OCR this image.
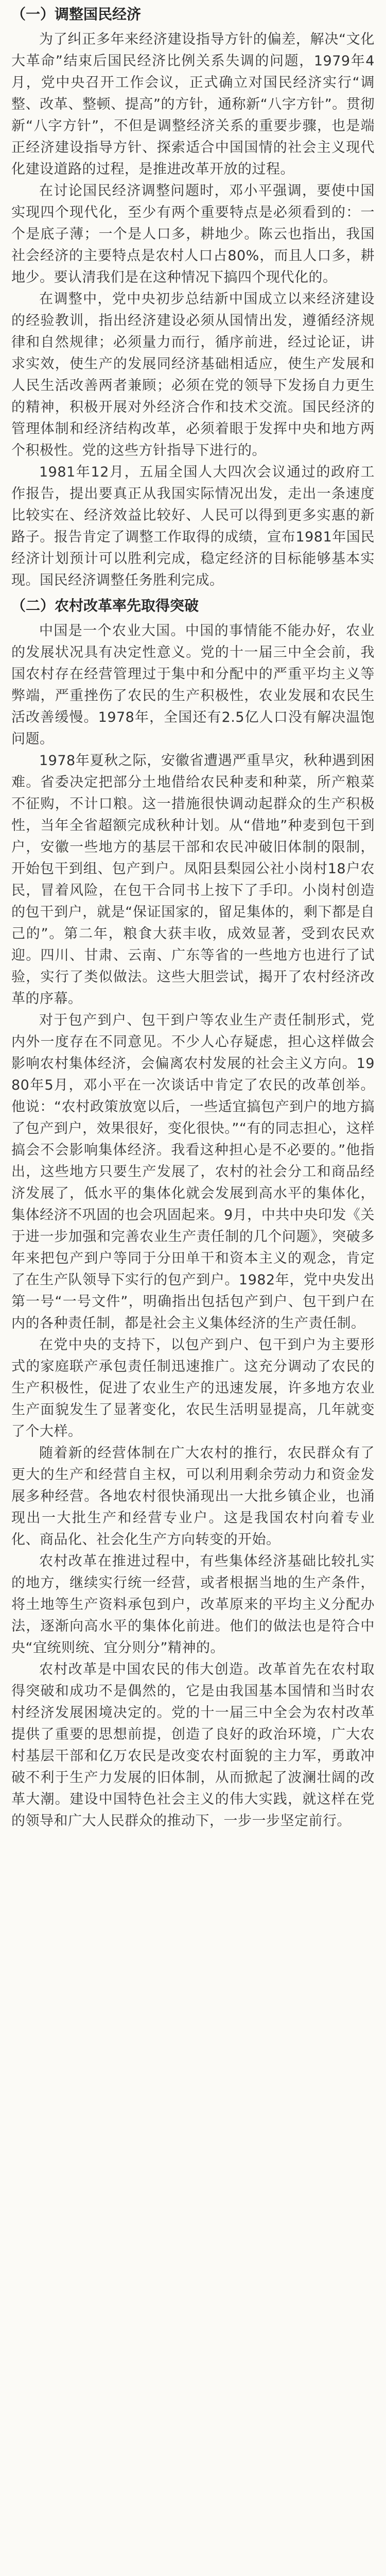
（一）调整国民经济

为了纠正多年来经济建设指导方针的偏差，解决“文化大革命”结束后国民经济比例关系失调的问题，1979年4月，党中央召开工作会议，正式确立对国民经济实行“调整、改革、整顿、提高”的方针，通称新“八字方针”。贯彻新“八字方针”，不但是调整经济关系的重要步骤，也是端正经济建设指导方针、探索适合中国国情的社会主义现代化建设道路的过程，是推进改革开放的过程。

在讨论国民经济调整问题时，邓小平强调，要使中国实现四个现代化，至少有两个重要特点是必须看到的：一个是底子薄；一个是人口多，耕地少。陈云也指出，我国社会经济的主要特点是农村人口占80%，而且人口多，耕地少。要认清我们是在这种情况下搞四个现代化的。

在调整中，党中央初步总结新中国成立以来经济建设的经验教训，指出经济建设必须从国情出发，遵循经济规律和自然规律；必须量力而行，循序前进，经过论证，讲求实效，使生产的发展同经济基础相适应，使生产发展和人民生活改善两者兼顾；必须在党的领导下发扬自力更生的精神，积极开展对外经济合作和技术交流。国民经济的管理体制和经济结构改革，必须着眼于发挥中央和地方两个积极性。党的这些方针指导下进行的。

1981年12月，五届全国人大四次会议通过的政府工作报告，提出要真正从我国实际情况出发，走出一条速度比较实在、经济效益比较好、人民可以得到更多实惠的新路子。报告肯定了调整工作取得的成绩，宣布1981年国民经济计划预计可以胜利完成，稳定经济的目标能够基本实现。国民经济调整任务胜利完成。

（二）农村改革率先取得突破

中国是一个农业大国。中国的事情能不能办好，农业的发展状况具有决定性意义。党的十一届三中全会前，我国农村存在经营管理过于集中和分配中的严重平均主义等弊端，严重挫伤了农民的生产积极性，农业发展和农民生活改善缓慢。1978年，全国还有2.5亿人口没有解决温饱问题。

1978年夏秋之际，安徽省遭遇严重旱灾，秋种遇到困难。省委决定把部分土地借给农民种麦和种菜，所产粮菜不征购，不计口粮。这一措施很快调动起群众的生产积极性，当年全省超额完成秋种计划。从“借地”种麦到包干到户，安徽一些地方的基层干部和农民冲破旧体制的限制，开始包干到组、包产到户。凤阳县梨园公社小岗村18户农民，冒着风险，在包干合同书上按下了手印。小岗村创造的包干到户，就是“保证国家的，留足集体的，剩下都是自己的”。第二年，粮食大获丰收，成效显著，受到农民欢迎。四川、甘肃、云南、广东等省的一些地方也进行了试验，实行了类似做法。这些大胆尝试，揭开了农村经济改革的序幕。

对于包产到户、包干到户等农业生产责任制形式，党内外一度存在不同意见。不少人心存疑虑，担心这样做会影响农村集体经济，会偏离农村发展的社会主义方向。1980年5月，邓小平在一次谈话中肯定了农民的改革创举。他说：“农村政策放宽以后，一些适宜搞包产到户的地方搞了包产到户，效果很好，变化很快。”“有的同志担心，这样搞会不会影响集体经济。我看这种担心是不必要的。”他指出，这些地方只要生产发展了，农村的社会分工和商品经济发展了，低水平的集体化就会发展到高水平的集体化，集体经济不巩固的也会巩固起来。9月，中共中央印发《关于进一步加强和完善农业生产责任制的几个问题》，突破多年来把包产到户等同于分田单干和资本主义的观念，肯定了在生产队领导下实行的包产到户。1982年，党中央发出第一号“一号文件”，明确指出包括包产到户、包干到户在内的各种责任制，都是社会主义集体经济的生产责任制。

在党中央的支持下，以包产到户、包干到户为主要形式的家庭联产承包责任制迅速推广。这充分调动了农民的生产积极性，促进了农业生产的迅速发展，许多地方农业生产面貌发生了显著变化，农民生活明显提高，几年就变了个大样。

随着新的经营体制在广大农村的推行，农民群众有了更大的生产和经营自主权，可以利用剩余劳动力和资金发展多种经营。各地农村很快涌现出一大批乡镇企业，也涌现出一大批生产和经营专业户。这是我国农村向着专业化、商品化、社会化生产方向转变的开始。

农村改革在推进过程中，有些集体经济基础比较扎实的地方，继续实行统一经营，或者根据当地的生产条件，将土地等生产资料承包到户，改革原来的平均主义分配办法，逐渐向高水平的集体化前进。他们的做法也是符合中央“宜统则统、宜分则分”精神的。

农村改革是中国农民的伟大创造。改革首先在农村取得突破和成功不是偶然的，它是由我国基本国情和当时农村经济发展困境决定的。党的十一届三中全会为农村改革提供了重要的思想前提，创造了良好的政治环境，广大农村基层干部和亿万农民是改变农村面貌的主力军，勇敢冲破不利于生产力发展的旧体制，从而掀起了波澜壮阔的改革大潮。建设中国特色社会主义的伟大实践，就这样在党的领导和广大人民群众的推动下，一步一步坚定前行。
